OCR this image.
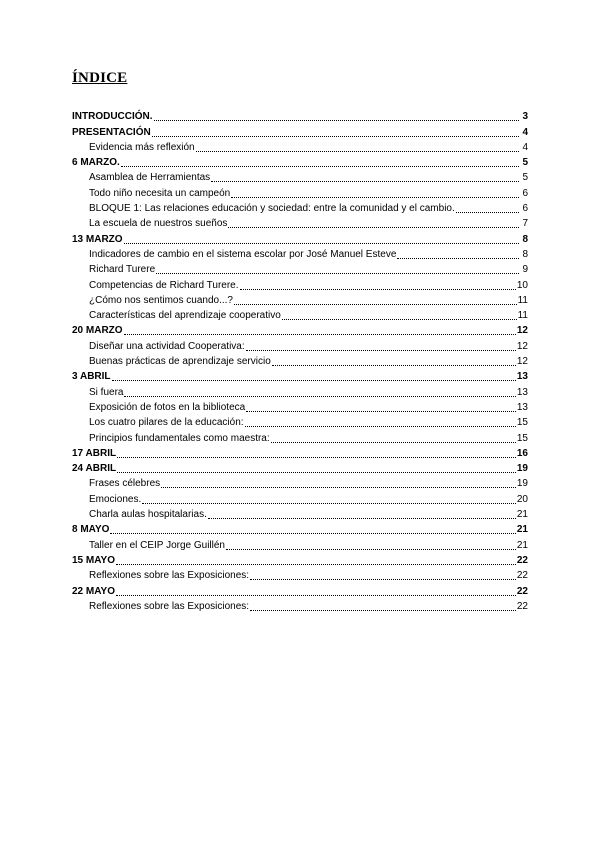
ÍNDICE
INTRODUCCIÓN.	3
PRESENTACIÓN	4
Evidencia más reflexión	4
6 MARZO.	5
Asamblea de Herramientas	5
Todo niño necesita un campeón	6
BLOQUE 1: Las relaciones educación y sociedad: entre la comunidad y el cambio.	6
La escuela de nuestros sueños	7
13 MARZO	8
Indicadores de cambio en el sistema escolar por José Manuel Esteve	8
Richard Turere	9
Competencias de Richard Turere.	10
¿Cómo nos sentimos cuando...?	11
Características del aprendizaje cooperativo	11
20 MARZO	12
Diseñar una actividad Cooperativa:	12
Buenas prácticas de aprendizaje servicio	12
3 ABRIL	13
Si fuera	13
Exposición de fotos en la biblioteca	13
Los cuatro pilares de la educación:	15
Principios fundamentales como maestra:	15
17 ABRIL	16
24 ABRIL	19
Frases célebres	19
Emociones.	20
Charla aulas hospitalarias.	21
8 MAYO	21
Taller en el CEIP Jorge Guillén	21
15 MAYO	22
Reflexiones sobre las Exposiciones:	22
22 MAYO	22
Reflexiones sobre las Exposiciones:	22
